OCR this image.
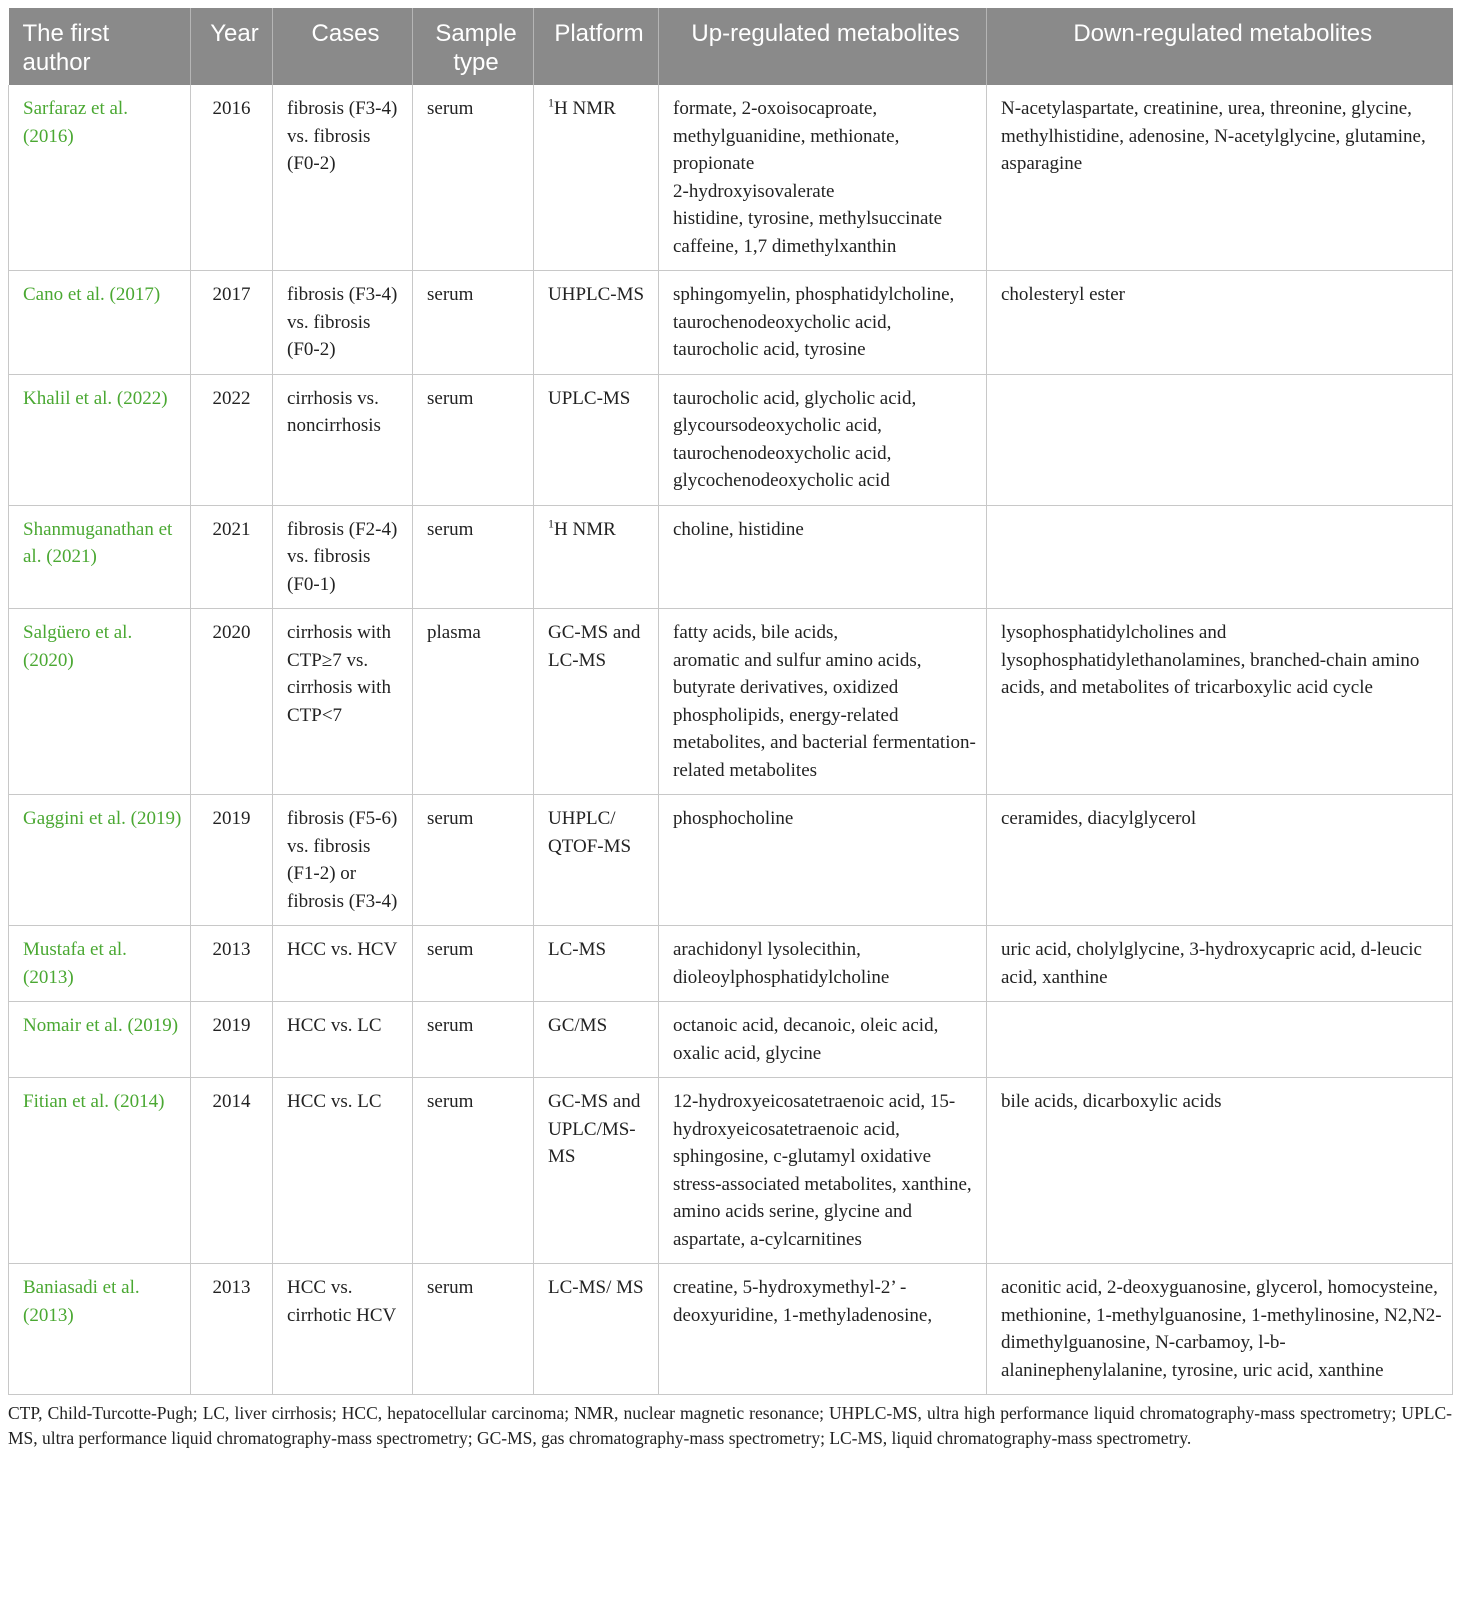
The first author	Year	Cases	Sample type	Platform	Up-regulated metabolites	Down-regulated metabolites
Sarfaraz et al. (2016)	2016	fibrosis (F3-4) vs. fibrosis (F0-2)	serum	$^1$H NMR	formate, 2-oxoisocaproate, methylguanidine, methionate, propionate
2-hydroxyisovalerate
histidine, tyrosine, methylsuccinate
caffeine, 1,7 dimethylxanthin	N-acetylaspartate, creatinine, urea, threonine, glycine, methylhistidine, adenosine, N-acetylglycine, glutamine, asparagine

Cano et al. (2017)	2017	fibrosis (F3-4) vs. fibrosis (F0-2)	serum	UHPLC-MS	sphingomyelin, phosphatidylcholine, taurochenodeoxycholic acid, taurocholic acid, tyrosine	cholesteryl ester

Khalil et al. (2022)	2022	cirrhosis vs. noncirrhosis	serum	UPLC-MS	taurocholic acid, glycholic acid, glycoursodeoxycholic acid, taurochenodeoxycholic acid, glycochenodeoxycholic acid	

Shanmuganathan et al. (2021)	2021	fibrosis (F2-4) vs. fibrosis (F0-1)	serum	$^1$H NMR	choline, histidine	

Salgüero et al. (2020)	2020	cirrhosis with CTP≥7 vs. cirrhosis with CTP<7	plasma	GC-MS and LC-MS	fatty acids, bile acids,
aromatic and sulfur amino acids, butyrate derivatives, oxidized phospholipids, energy-related metabolites, and bacterial fermentation-related metabolites	lysophosphatidylcholines and lysophosphatidylethanolamines, branched-chain amino acids, and metabolites of tricarboxylic acid cycle

Gaggini et al. (2019)	2019	fibrosis (F5-6) vs. fibrosis (F1-2) or fibrosis (F3-4)	serum	UHPLC/ QTOF-MS	phosphocholine	ceramides, diacylglycerol

Mustafa et al. (2013)	2013	HCC vs. HCV	serum	LC-MS	arachidonyl lysolecithin, dioleoylphosphatidylcholine	uric acid, cholylglycine, 3-hydroxycapric acid, d-leucic acid, xanthine

Nomair et al. (2019)	2019	HCC vs. LC	serum	GC/MS	octanoic acid, decanoic, oleic acid, oxalic acid, glycine	

Fitian et al. (2014)	2014	HCC vs. LC	serum	GC-MS and UPLC/MS-MS	12-hydroxyeicosatetraenoic acid, 15-hydroxyeicosatetraenoic acid, sphingosine, c-glutamyl oxidative stress-associated metabolites, xanthine, amino acids serine, glycine and aspartate, a-cylcarnitines	bile acids, dicarboxylic acids

Baniasadi et al. (2013)	2013	HCC vs. cirrhotic HCV	serum	LC-MS/ MS	creatine, 5-hydroxymethyl-2’ -deoxyuridine, 1-methyladenosine,	aconitic acid, 2-deoxyguanosine, glycerol, homocysteine, methionine, 1-methylguanosine, 1-methylinosine, N2,N2-dimethylguanosine, N-carbamoy, l-b-alaninephenylalanine, tyrosine, uric acid, xanthine
CTP, Child-Turcotte-Pugh; LC, liver cirrhosis; HCC, hepatocellular carcinoma; NMR, nuclear magnetic resonance; UHPLC-MS, ultra high performance liquid chromatography-mass spectrometry; UPLC-MS, ultra performance liquid chromatography-mass spectrometry; GC-MS, gas chromatography-mass spectrometry; LC-MS, liquid chromatography-mass spectrometry.
